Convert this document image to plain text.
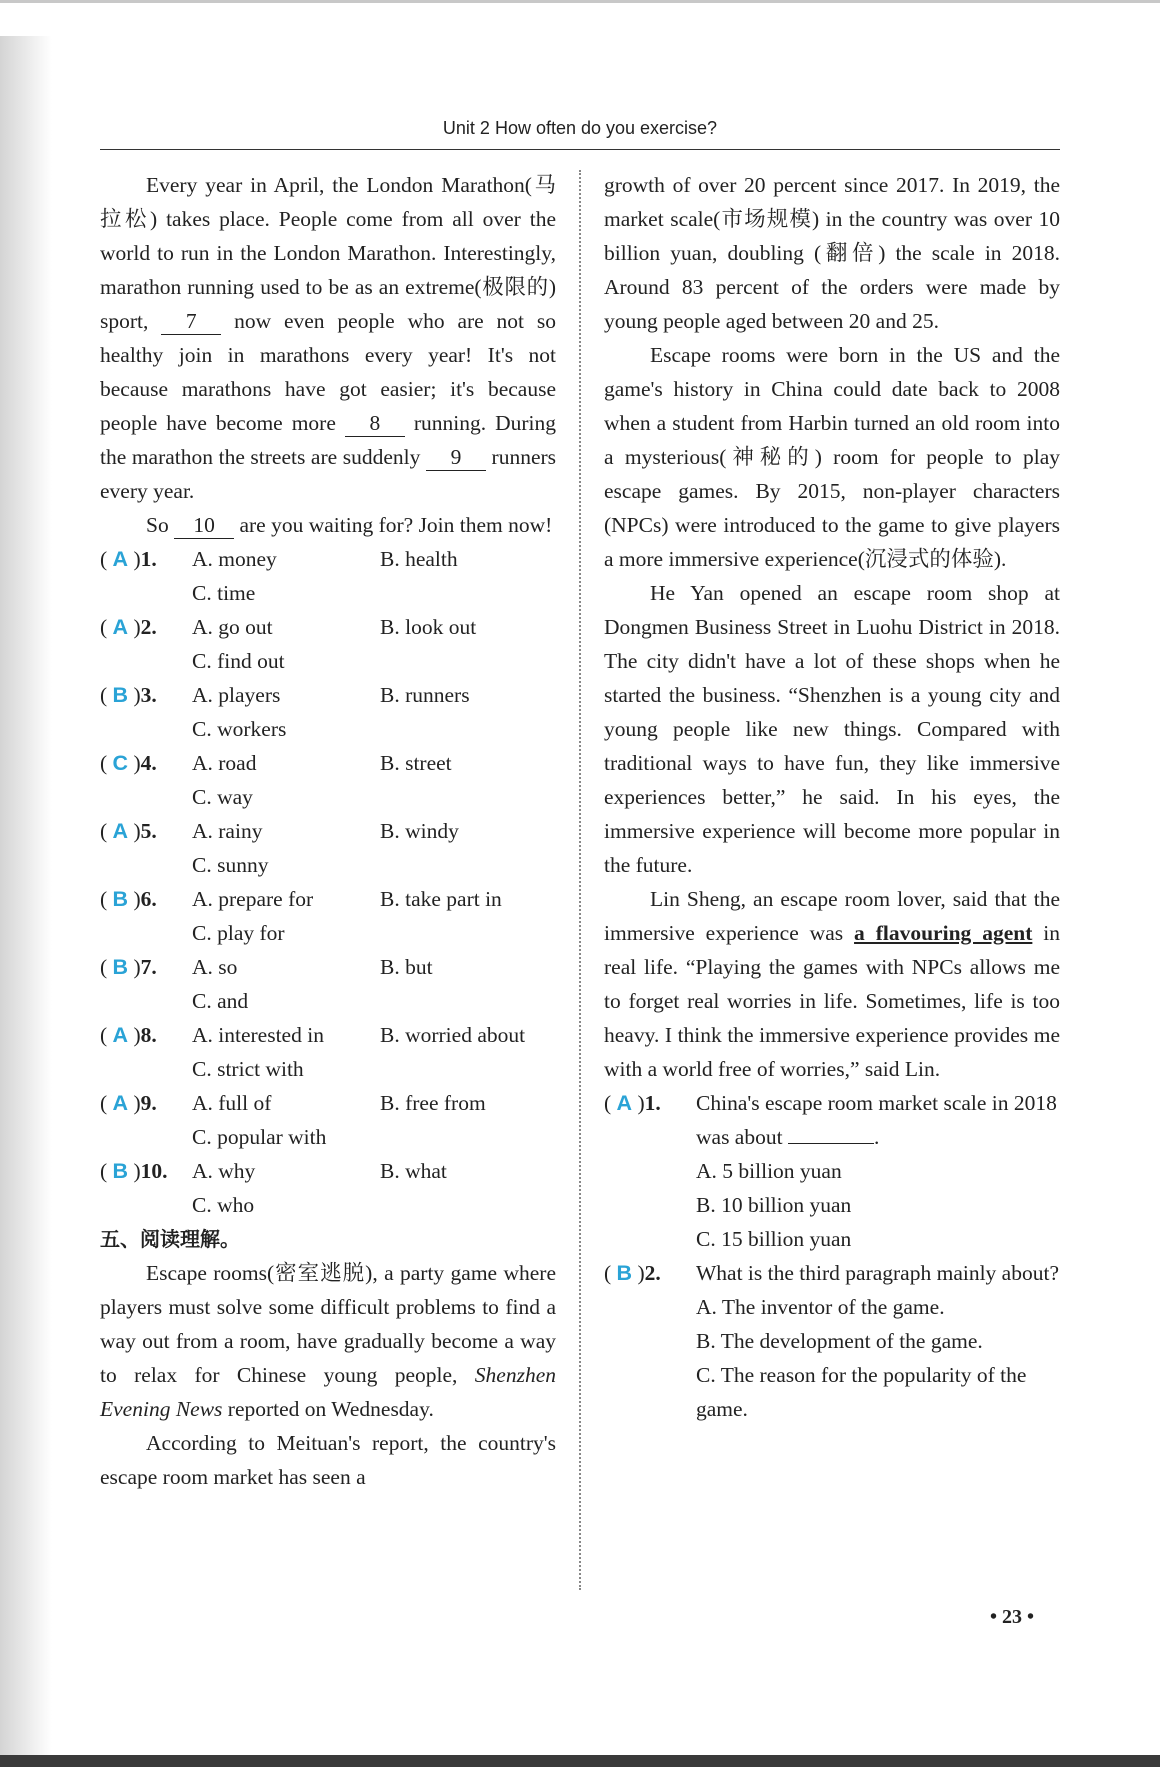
Unit 2 How often do you exercise?

Every year in April, the London Marathon(马拉松) takes place. People come from all over the world to run in the London Marathon. Interestingly, marathon running used to be as an extreme(极限的) sport, 7 now even people who are not so healthy join in marathons every year! It's not because marathons have got easier; it's because people have become more 8 running. During the marathon the streets are suddenly 9 runners every year.

So 10 are you waiting for? Join them now!

( A )1.	A. money	B. health
C. time
( A )2.	A. go out	B. look out
C. find out
( B )3.	A. players	B. runners
C. workers
( C )4.	A. road	B. street
C. way
( A )5.	A. rainy	B. windy
C. sunny
( B )6.	A. prepare for	B. take part in
C. play for
( B )7.	A. so	B. but
C. and
( A )8.	A. interested in	B. worried about
C. strict with
( A )9.	A. full of	B. free from
C. popular with
( B )10.	A. why	B. what
C. who
五、阅读理解。

Escape rooms(密室逃脱), a party game where players must solve some difficult problems to find a way out from a room, have gradually become a way to relax for Chinese young people, Shenzhen Evening News reported on Wednesday.

According to Meituan's report, the country's escape room market has seen a

growth of over 20 percent since 2017. In 2019, the market scale(市场规模) in the country was over 10 billion yuan, doubling (翻倍) the scale in 2018. Around 83 percent of the orders were made by young people aged between 20 and 25.

Escape rooms were born in the US and the game's history in China could date back to 2008 when a student from Harbin turned an old room into a mysterious(神秘的) room for people to play escape games. By 2015, non-player characters (NPCs) were introduced to the game to give players a more immersive experience(沉浸式的体验).

He Yan opened an escape room shop at Dongmen Business Street in Luohu District in 2018. The city didn't have a lot of these shops when he started the business. “Shenzhen is a young city and young people like new things. Compared with traditional ways to have fun, they like immersive experiences better,” he said. In his eyes, the immersive experience will become more popular in the future.

Lin Sheng, an escape room lover, said that the immersive experience was a flavouring agent in real life. “Playing the games with NPCs allows me to forget real worries in life. Sometimes, life is too heavy. I think the immersive experience provides me with a world free of worries,” said Lin.

( A )1.	China's escape room market scale in 2018 was about	.
A. 5 billion yuan
B. 10 billion yuan
C. 15 billion yuan
( B )2.	What is the third paragraph mainly about?
A. The inventor of the game.
B. The development of the game.
C. The reason for the popularity of the game.
• 23 •
